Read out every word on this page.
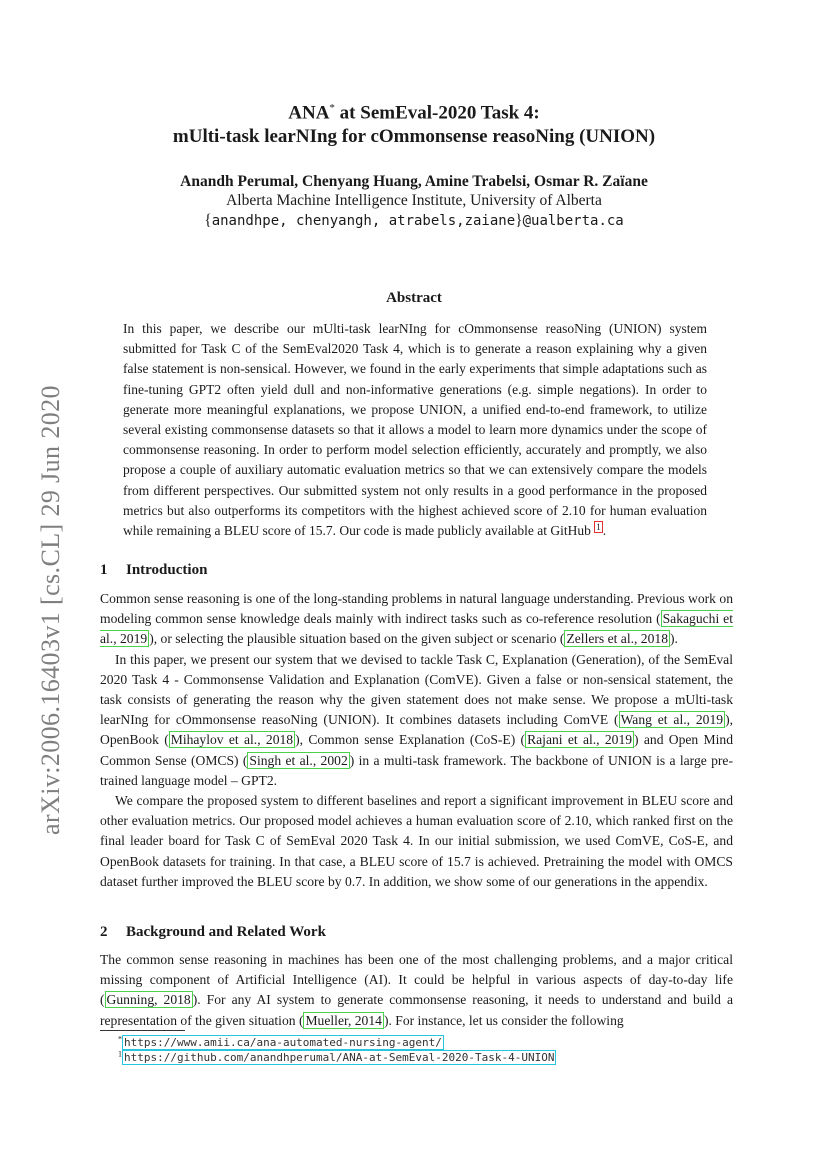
arXiv:2006.16403v1 [cs.CL] 29 Jun 2020
ANA* at SemEval-2020 Task 4:
mUlti-task learNIng for cOmmonsense reasoNing (UNION)
Anandh Perumal, Chenyang Huang, Amine Trabelsi, Osmar R. Zaïane
Alberta Machine Intelligence Institute, University of Alberta
{anandhpe, chenyangh, atrabels,zaiane}@ualberta.ca
Abstract
In this paper, we describe our mUlti-task learNIng for cOmmonsense reasoNing (UNION) system submitted for Task C of the SemEval2020 Task 4, which is to generate a reason explaining why a given false statement is non-sensical. However, we found in the early experiments that simple adaptations such as fine-tuning GPT2 often yield dull and non-informative generations (e.g. simple negations). In order to generate more meaningful explanations, we propose UNION, a unified end-to-end framework, to utilize several existing commonsense datasets so that it allows a model to learn more dynamics under the scope of commonsense reasoning. In order to perform model selection efficiently, accurately and promptly, we also propose a couple of auxiliary automatic evaluation metrics so that we can extensively compare the models from different perspectives. Our submitted system not only results in a good performance in the proposed metrics but also outperforms its competitors with the highest achieved score of 2.10 for human evaluation while remaining a BLEU score of 15.7. Our code is made publicly available at GitHub $^1$ .
1 Introduction

Common sense reasoning is one of the long-standing problems in natural language understanding. Previous work on modeling common sense knowledge deals mainly with indirect tasks such as co-reference resolution ( Sakaguchi et al., 2019 ), or selecting the plausible situation based on the given subject or scenario ( Zellers et al., 2018 ).

In this paper, we present our system that we devised to tackle Task C, Explanation (Generation), of the SemEval 2020 Task 4 - Commonsense Validation and Explanation (ComVE). Given a false or non-sensical statement, the task consists of generating the reason why the given statement does not make sense. We propose a mUlti-task learNIng for cOmmonsense reasoNing (UNION). It combines datasets including ComVE ( Wang et al., 2019 ), OpenBook ( Mihaylov et al., 2018 ), Common sense Explanation (CoS-E) ( Rajani et al., 2019 ) and Open Mind Common Sense (OMCS) ( Singh et al., 2002 ) in a multi-task framework. The backbone of UNION is a large pre-trained language model – GPT2.

We compare the proposed system to different baselines and report a significant improvement in BLEU score and other evaluation metrics. Our proposed model achieves a human evaluation score of 2.10, which ranked first on the final leader board for Task C of SemEval 2020 Task 4. In our initial submission, we used ComVE, CoS-E, and OpenBook datasets for training. In that case, a BLEU score of 15.7 is achieved. Pretraining the model with OMCS dataset further improved the BLEU score by 0.7. In addition, we show some of our generations in the appendix.

2 Background and Related Work

The common sense reasoning in machines has been one of the most challenging problems, and a major critical missing component of Artificial Intelligence (AI). It could be helpful in various aspects of day-to-day life ( Gunning, 2018 ). For any AI system to generate commonsense reasoning, it needs to understand and build a representation of the given situation ( Mueller, 2014 ). For instance, let us consider the following

* https://www.amii.ca/ana-automated-nursing-agent/
$^1$ https://github.com/anandhperumal/ANA-at-SemEval-2020-Task-4-UNION
